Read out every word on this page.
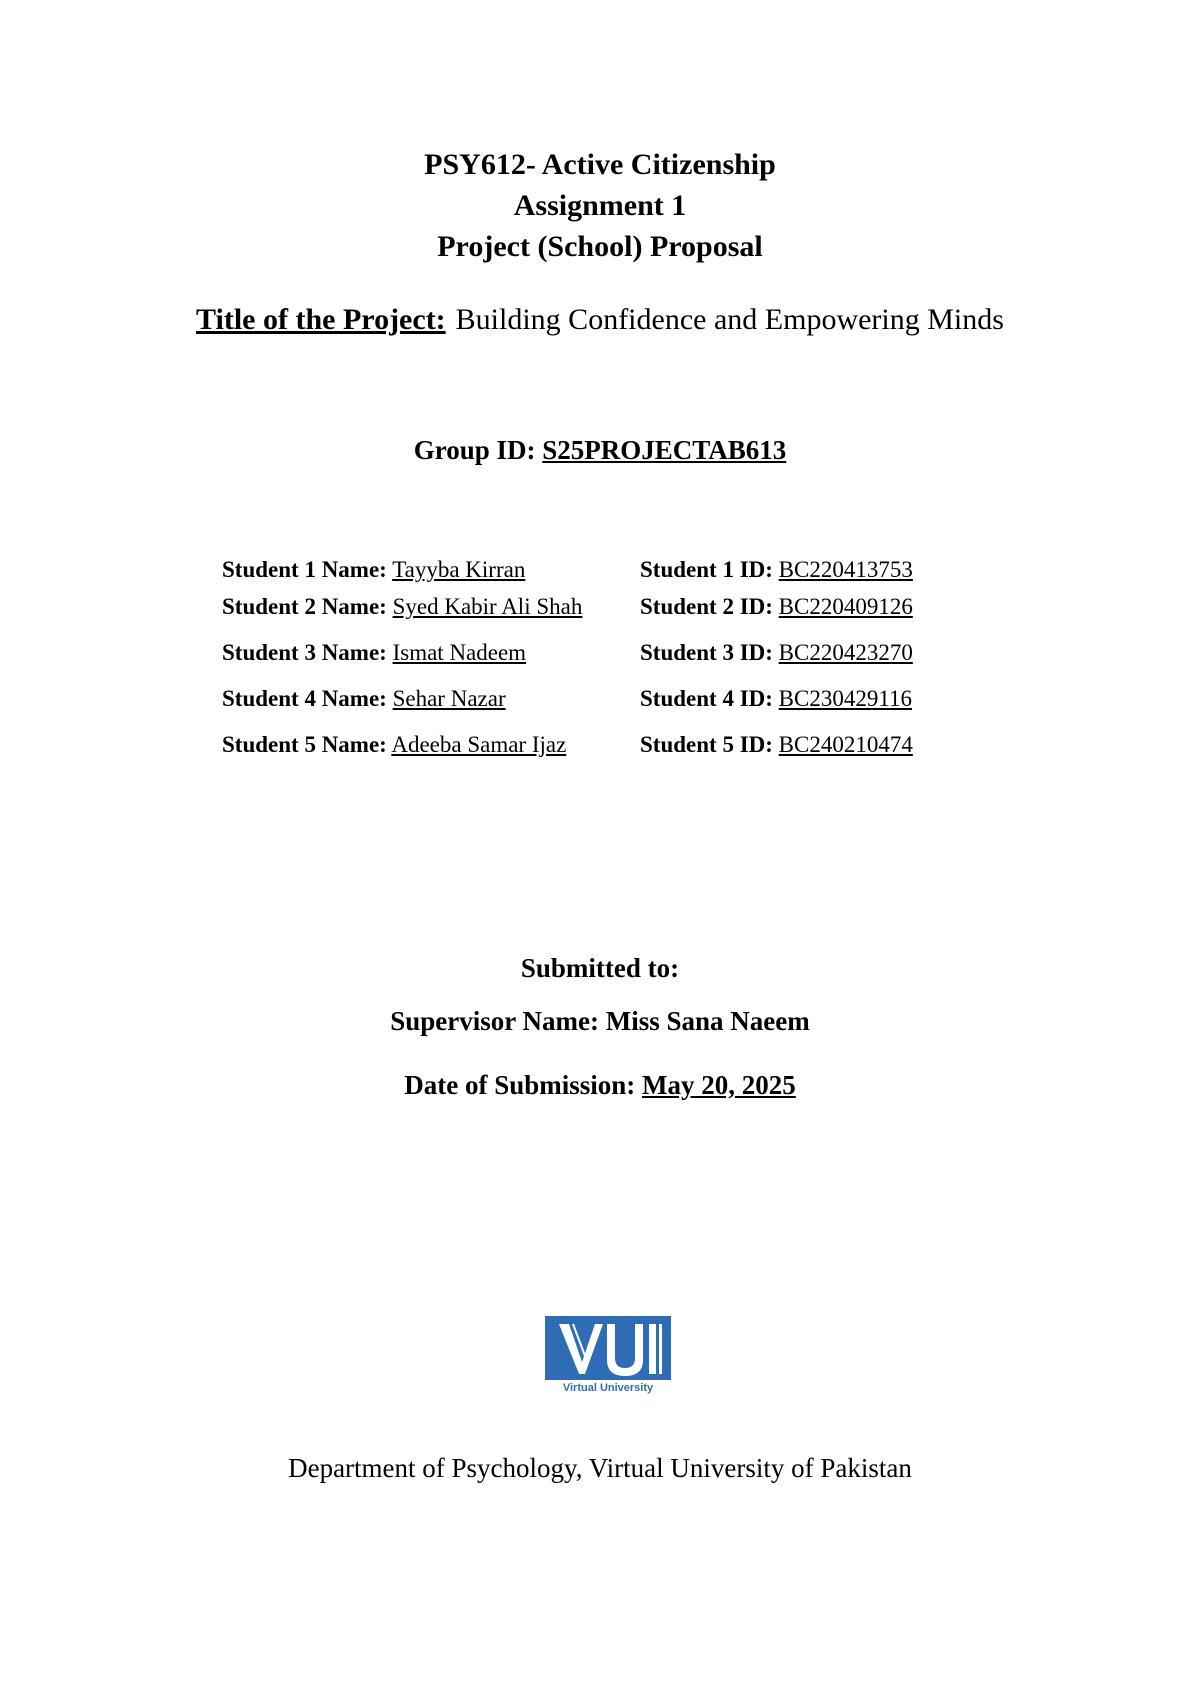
PSY612- Active Citizenship
Assignment 1
Project (School) Proposal
Title of the Project: Building Confidence and Empowering Minds
Group ID: S25PROJECTAB613
Student 1 Name: Tayyba Kirran	Student 1 ID: BC220413753
Student 2 Name: Syed Kabir Ali Shah	Student 2 ID: BC220409126
Student 3 Name: Ismat Nadeem	Student 3 ID: BC220423270
Student 4 Name: Sehar Nazar	Student 4 ID: BC230429116
Student 5 Name: Adeeba Samar Ijaz	Student 5 ID: BC240210474
Submitted to:
Supervisor Name: Miss Sana Naeem
Date of Submission: May 20, 2025
Virtual University
Department of Psychology, Virtual University of Pakistan
